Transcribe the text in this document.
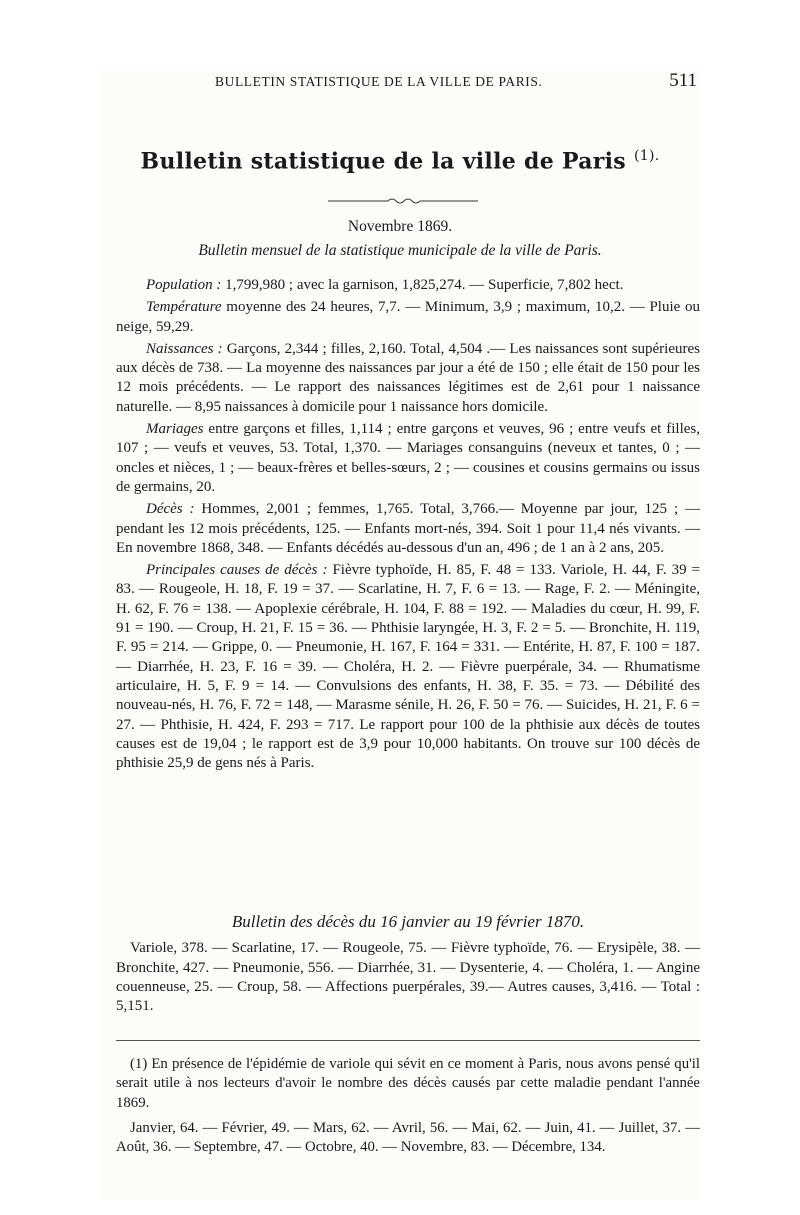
BULLETIN STATISTIQUE DE LA VILLE DE PARIS.	511
Bulletin statistique de la ville de Paris $^{(1).}$
Novembre 1869.
Bulletin mensuel de la statistique municipale de la ville de Paris.

Population : 1,799,980 ; avec la garnison, 1,825,274. — Superficie, 7,802 hect.

Température moyenne des 24 heures, 7,7. — Minimum, 3,9 ; maximum, 10,2. — Pluie ou neige, 59,29.

Naissances : Garçons, 2,344 ; filles, 2,160. Total, 4,504 .— Les naissances sont supérieures aux décès de 738. — La moyenne des naissances par jour a été de 150 ; elle était de 150 pour les 12 mois précédents. — Le rapport des naissances légitimes est de 2,61 pour 1 naissance naturelle. — 8,95 naissances à domicile pour 1 naissance hors domicile.

Mariages entre garçons et filles, 1,114 ; entre garçons et veuves, 96 ; entre veufs et filles, 107 ; — veufs et veuves, 53. Total, 1,370. — Mariages consanguins (neveux et tantes, 0 ; — oncles et nièces, 1 ; — beaux-frères et belles-sœurs, 2 ; — cousines et cousins germains ou issus de germains, 20.

Décès : Hommes, 2,001 ; femmes, 1,765. Total, 3,766.— Moyenne par jour, 125 ; — pendant les 12 mois précédents, 125. — Enfants mort-nés, 394. Soit 1 pour 11,4 nés vivants. — En novembre 1868, 348. — Enfants décédés au-dessous d'un an, 496 ; de 1 an à 2 ans, 205.

Principales causes de décès : Fièvre typhoïde, H. 85, F. 48 = 133. Variole, H. 44, F. 39 = 83. — Rougeole, H. 18, F. 19 = 37. — Scarlatine, H. 7, F. 6 = 13. — Rage, F. 2. — Méningite, H. 62, F. 76 = 138. — Apoplexie cérébrale, H. 104, F. 88 = 192. — Maladies du cœur, H. 99, F. 91 = 190. — Croup, H. 21, F. 15 = 36. — Phthisie laryngée, H. 3, F. 2 = 5. — Bronchite, H. 119, F. 95 = 214. — Grippe, 0. — Pneumonie, H. 167, F. 164 = 331. — Entérite, H. 87, F. 100 = 187. — Diarrhée, H. 23, F. 16 = 39. — Choléra, H. 2. — Fièvre puerpérale, 34. — Rhumatisme articulaire, H. 5, F. 9 = 14. — Convulsions des enfants, H. 38, F. 35. = 73. — Débilité des nouveau-nés, H. 76, F. 72 = 148, — Marasme sénile, H. 26, F. 50 = 76. — Suicides, H. 21, F. 6 = 27. — Phthisie, H. 424, F. 293 = 717. Le rapport pour 100 de la phthisie aux décès de toutes causes est de 19,04 ; le rapport est de 3,9 pour 10,000 habitants. On trouve sur 100 décès de phthisie 25,9 de gens nés à Paris.

Bulletin des décès du 16 janvier au 19 février 1870.

Variole, 378. — Scarlatine, 17. — Rougeole, 75. — Fièvre typhoïde, 76. — Erysipèle, 38. — Bronchite, 427. — Pneumonie, 556. — Diarrhée, 31. — Dysenterie, 4. — Choléra, 1. — Angine couenneuse, 25. — Croup, 58. — Affections puerpérales, 39.— Autres causes, 3,416. — Total : 5,151.

(1) En présence de l'épidémie de variole qui sévit en ce moment à Paris, nous avons pensé qu'il serait utile à nos lecteurs d'avoir le nombre des décès causés par cette maladie pendant l'année 1869.

Janvier, 64. — Février, 49. — Mars, 62. — Avril, 56. — Mai, 62. — Juin, 41. — Juillet, 37. — Août, 36. — Septembre, 47. — Octobre, 40. — Novembre, 83. — Décembre, 134.
